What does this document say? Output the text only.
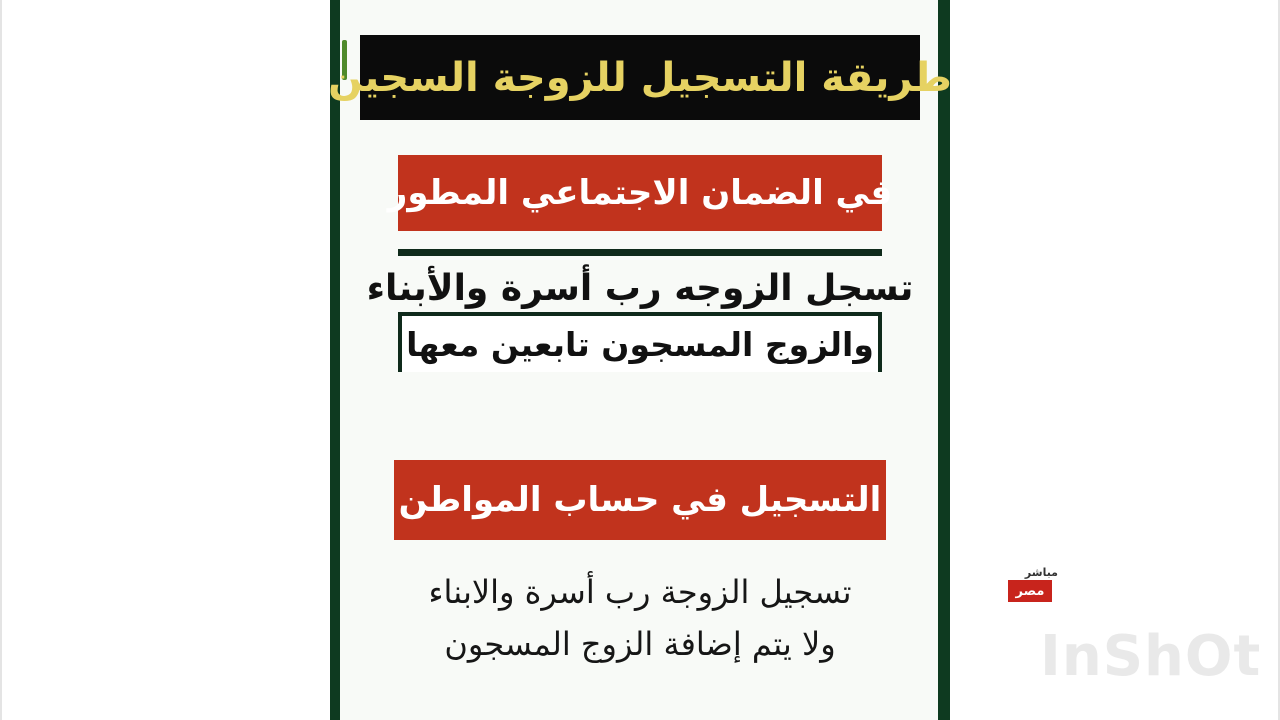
طريقة التسجيل للزوجة السجين
في الضمان الاجتماعي المطور
تسجل الزوجه رب أسرة والأبناء
والزوج المسجون تابعين معها
التسجيل في حساب المواطن
تسجيل الزوجة رب أسرة والابناء
ولا يتم إضافة الزوج المسجون
مباشر
مصر
InShOt
